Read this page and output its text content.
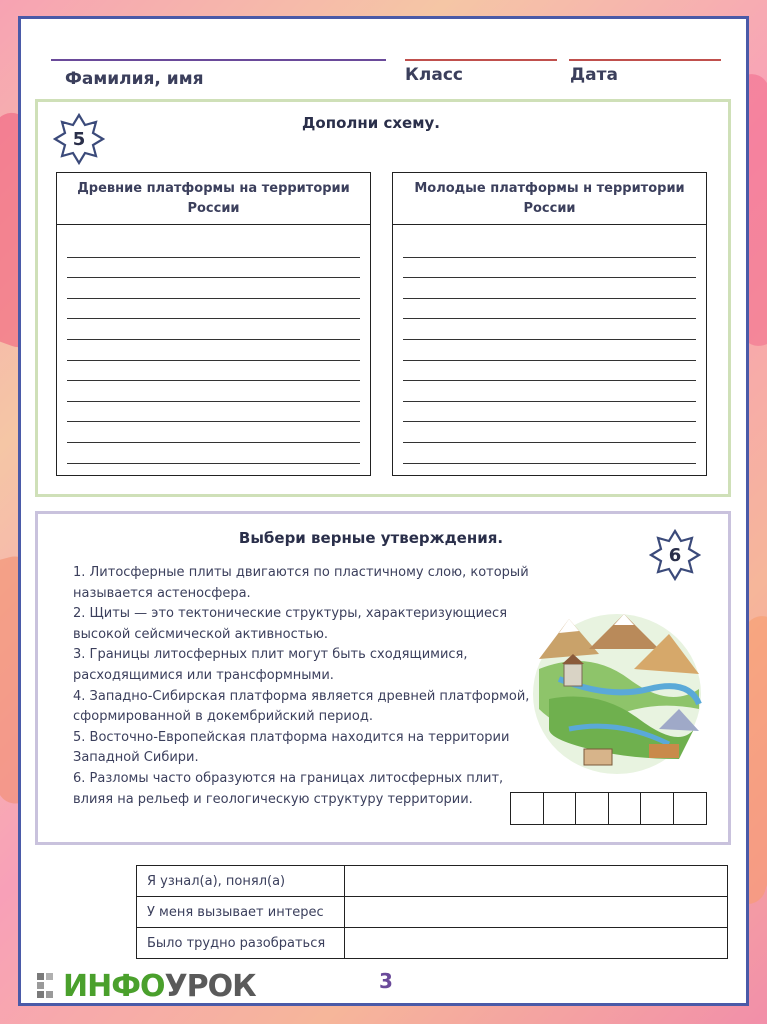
Фамилия, имя	Класс	Дата
5
Дополни схему.
Древние платформы на территории России
Молодые платформы н территории России
Выбери верные утверждения.
6

1. Литосферные плиты двигаются по пластичному слою, который называется астеносфера.

2. Щиты — это тектонические структуры, характеризующиеся высокой сейсмической активностью.

3. Границы литосферных плит могут быть сходящимися, расходящимися или трансформными.

4. Западно-Сибирская платформа является древней платформой, сформированной в докембрийский период.

5. Восточно-Европейская платформа находится на территории Западной Сибири.

6. Разломы часто образуются на границах литосферных плит, влияя на рельеф и геологическую структуру территории.

Я узнал(а), понял(а)	
У меня вызывает интерес	
Было трудно разобраться	
ИНФО УРОК	3
